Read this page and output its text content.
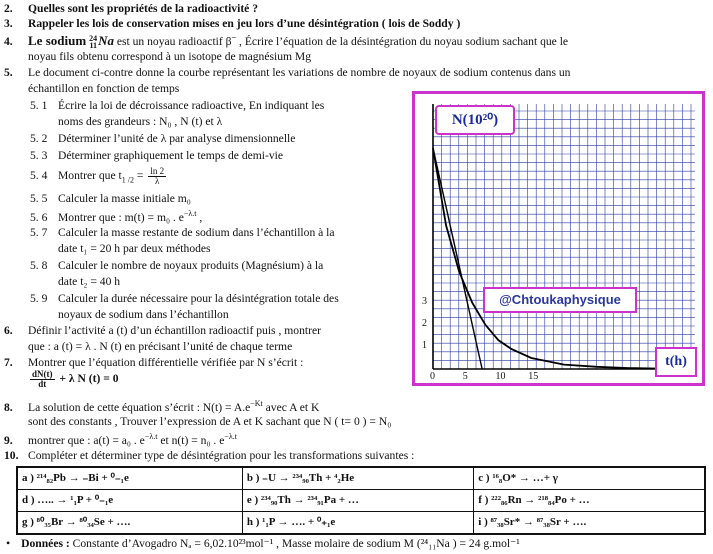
2. Quelles sont les propriétés de la radioactivité ?
3. Rappeler les lois de conservation mises en jeu lors d’une désintégration ( lois de Soddy )
4. Le sodium 24
11 Na est un noyau radioactif β− , Écrire l’équation de la désintégration du noyau sodium sachant que le
noyau fils obtenu correspond à un isotope de magnésium Mg
5. Le document ci-contre donne la courbe représentant les variations de nombre de noyaux de sodium contenus dans un
échantillon en fonction de temps
5. 1 Écrire la loi de décroissance radioactive, En indiquant les
noms des grandeurs : N₀ , N (t) et λ
5. 2 Déterminer l’unité de λ par analyse dimensionnelle
5. 3 Déterminer graphiquement le temps de demi-vie
5. 4 Montrer que $t_{1 /2} = \frac{\ln 2}{\lambda}$
5. 5 Calculer la masse initiale m₀
5. 6 Montrer que : m(t) = m₀ . $e^{-\lambda.t}$ ,
5. 7 Calculer la masse restante de sodium dans l’échantillon à la
date t₁ = 20 h par deux méthodes
5. 8 Calculer le nombre de noyaux produits (Magnésium) à la
date t₂ = 40 h
5. 9 Calculer la durée nécessaire pour la désintégration totale des
noyaux de sodium dans l’échantillon
6. Définir l’activité a (t) d’un échantillon radioactif puis , montrer
que : a (t) = λ . N (t) en précisant l’unité de chaque terme
7. Montrer que l’équation différentielle vérifiée par N s’écrit :
$\frac{dN(t)}{dt} + \lambda$ N (t) = 0
8. La solution de cette équation s’écrit : $N(t) = A.e^{-Kt}$ avec A et K
sont des constants , Trouver l’expression de A et K sachant que N ( t= 0 ) = N₀
9. montrer que : a(t) = a₀ . $e^{-\lambda.t}$ et n(t) = n₀ . $e^{-\lambda.t}$
10. Compléter et déterminer type de désintégration pour les transformations suivantes :
a ) ²¹⁴₈₂Pb → ₋Bi + ⁰₋₁e	b ) ₋U → ²³⁴₉₀Th + ⁴₂He	c ) ¹⁶₈O* → …+ γ
d ) ….. → ¹₁P + ⁰₋₁e	e ) ²³⁴₉₀Th → ²³⁴₉₁Pa + …	f ) ²²²₈₆Rn → ²¹⁸₈₄Po + …
g ) ⁸⁰₃₅Br → ⁸⁰₃₄Se + ….	h ) ¹₁P → …. + ⁰₊₁e	i ) ⁸⁷₃₈Sr* → ⁸⁷₃₈Sr + ….
• Données : Constante d’Avogadro Nₐ = 6,02.10²³mol⁻¹ , Masse molaire de sodium M (²⁴₁₁Na ) = 24 g.mol⁻¹
N(10²⁰)
@Chtoukaphysique
t(h)
0	5	10 15
1
2
3
